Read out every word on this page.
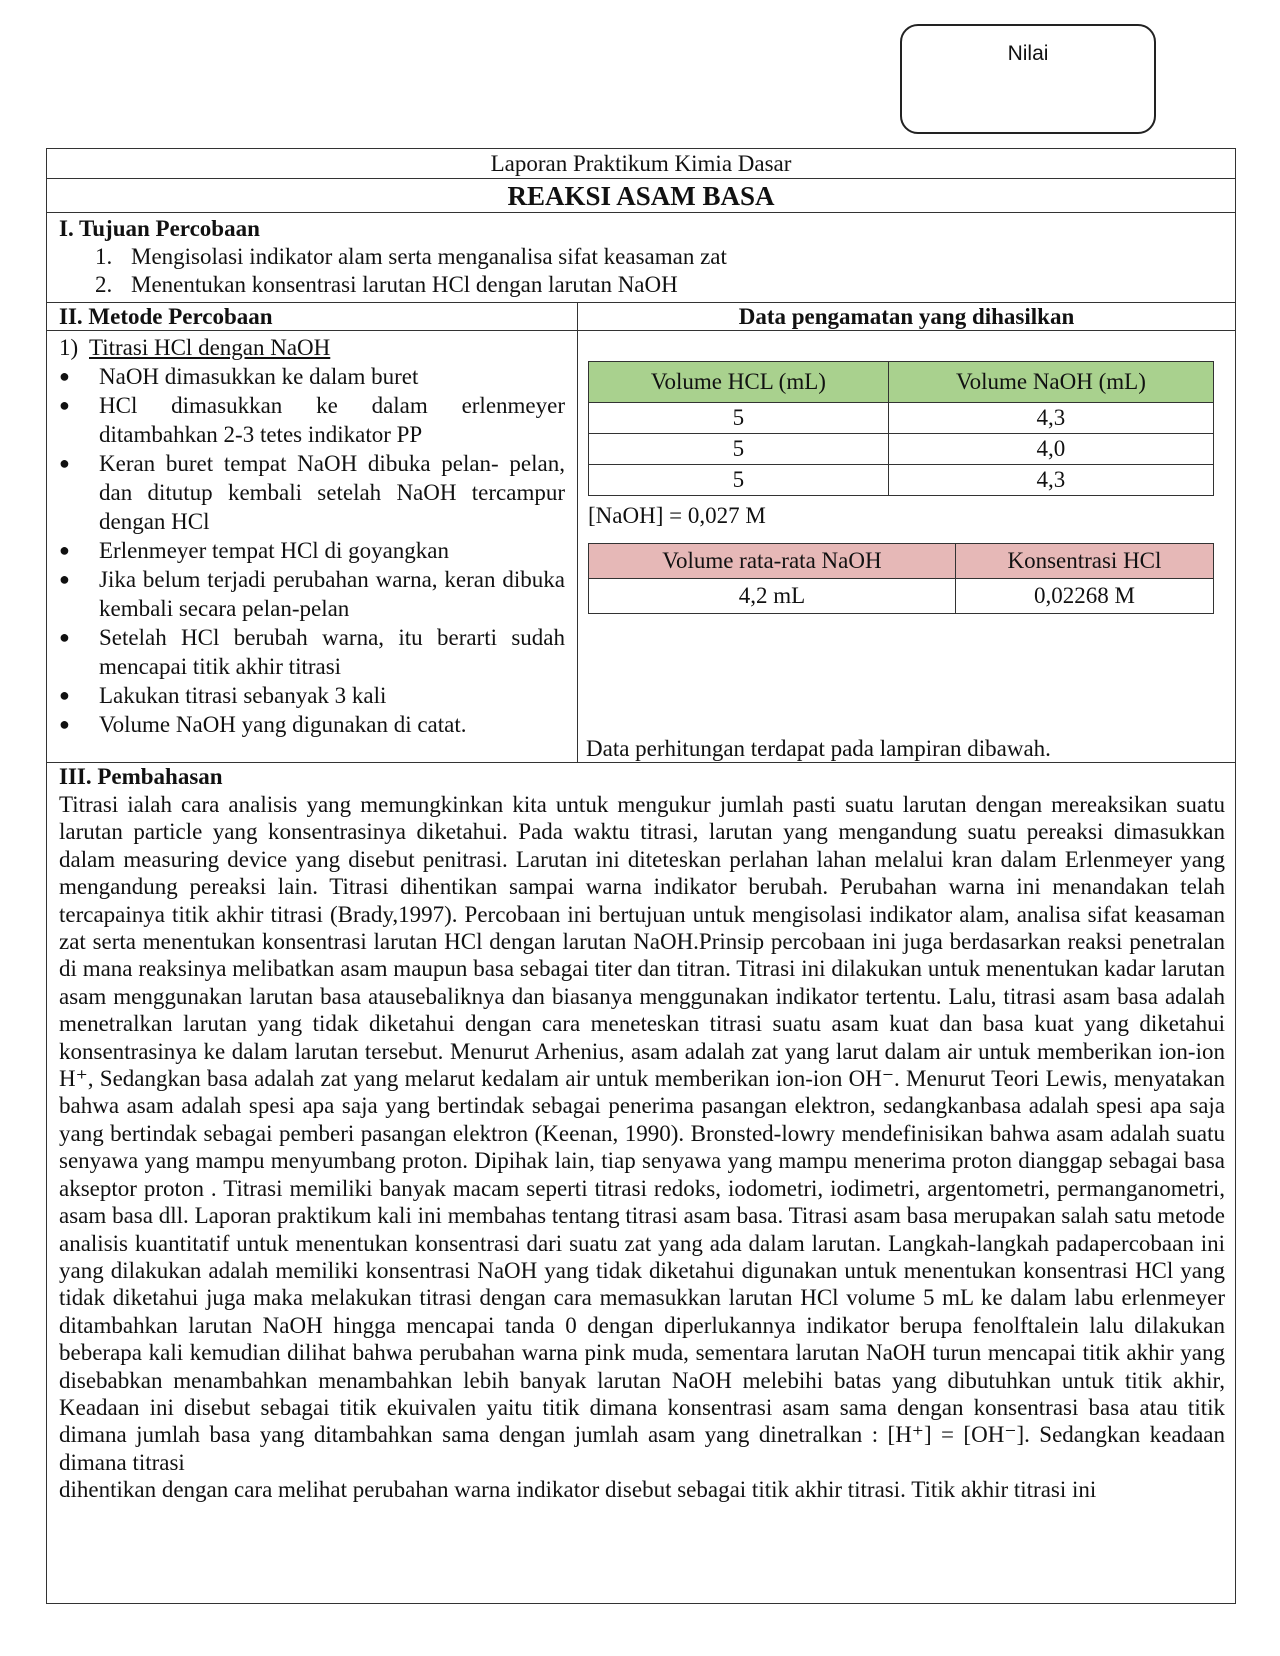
Nilai
Laporan Praktikum Kimia Dasar
REAKSI ASAM BASA
I. Tujuan Percobaan
1. Mengisolasi indikator alam serta menganalisa sifat keasaman zat
2. Menentukan konsentrasi larutan HCl dengan larutan NaOH
II. Metode Percobaan	Data pengamatan yang dihasilkan
1) Titrasi HCl dengan NaOH
●	NaOH dimasukkan ke dalam buret
●	HCl dimasukkan ke dalam erlenmeyer ditambahkan 2-3 tetes indikator PP
●	Keran buret tempat NaOH dibuka pelan- pelan, dan ditutup kembali setelah NaOH tercampur dengan HCl
●	Erlenmeyer tempat HCl di goyangkan
●	Jika belum terjadi perubahan warna, keran dibuka kembali secara pelan-pelan
●	Setelah HCl berubah warna, itu berarti sudah mencapai titik akhir titrasi
●	Lakukan titrasi sebanyak 3 kali
●	Volume NaOH yang digunakan di catat.
Volume HCL (mL)	Volume NaOH (mL)
5	4,3
5	4,0
5	4,3
[NaOH] = 0,027 M
Volume rata-rata NaOH	Konsentrasi HCl
4,2 mL	0,02268 M
Data perhitungan terdapat pada lampiran dibawah.
III. Pembahasan

Titrasi ialah cara analisis yang memungkinkan kita untuk mengukur jumlah pasti suatu larutan dengan mereaksikan suatu larutan particle yang konsentrasinya diketahui. Pada waktu titrasi, larutan yang mengandung suatu pereaksi dimasukkan dalam measuring device yang disebut penitrasi. Larutan ini diteteskan perlahan lahan melalui kran dalam Erlenmeyer yang mengandung pereaksi lain. Titrasi dihentikan sampai warna indikator berubah. Perubahan warna ini menandakan telah tercapainya titik akhir titrasi (Brady,1997). Percobaan ini bertujuan untuk mengisolasi indikator alam, analisa sifat keasaman zat serta menentukan konsentrasi larutan HCl dengan larutan NaOH.Prinsip percobaan ini juga berdasarkan reaksi penetralan di mana reaksinya melibatkan asam maupun basa sebagai titer dan titran. Titrasi ini dilakukan untuk menentukan kadar larutan asam menggunakan larutan basa atausebaliknya dan biasanya menggunakan indikator tertentu. Lalu, titrasi asam basa adalah menetralkan larutan yang tidak diketahui dengan cara meneteskan titrasi suatu asam kuat dan basa kuat yang diketahui konsentrasinya ke dalam larutan tersebut. Menurut Arhenius, asam adalah zat yang larut dalam air untuk memberikan ion-ion H⁺, Sedangkan basa adalah zat yang melarut kedalam air untuk memberikan ion-ion OH⁻. Menurut Teori Lewis, menyatakan bahwa asam adalah spesi apa saja yang bertindak sebagai penerima pasangan elektron, sedangkanbasa adalah spesi apa saja yang bertindak sebagai pemberi pasangan elektron (Keenan, 1990). Bronsted-lowry mendefinisikan bahwa asam adalah suatu senyawa yang mampu menyumbang proton. Dipihak lain, tiap senyawa yang mampu menerima proton dianggap sebagai basa akseptor proton . Titrasi memiliki banyak macam seperti titrasi redoks, iodometri, iodimetri, argentometri, permanganometri, asam basa dll. Laporan praktikum kali ini membahas tentang titrasi asam basa. Titrasi asam basa merupakan salah satu metode analisis kuantitatif untuk menentukan konsentrasi dari suatu zat yang ada dalam larutan. Langkah-langkah padapercobaan ini yang dilakukan adalah memiliki konsentrasi NaOH yang tidak diketahui digunakan untuk menentukan konsentrasi HCl yang tidak diketahui juga maka melakukan titrasi dengan cara memasukkan larutan HCl volume 5 mL ke dalam labu erlenmeyer ditambahkan larutan NaOH hingga mencapai tanda 0 dengan diperlukannya indikator berupa fenolftalein lalu dilakukan beberapa kali kemudian dilihat bahwa perubahan warna pink muda, sementara larutan NaOH turun mencapai titik akhir yang disebabkan menambahkan menambahkan lebih banyak larutan NaOH melebihi batas yang dibutuhkan untuk titik akhir, Keadaan ini disebut sebagai titik ekuivalen yaitu titik dimana konsentrasi asam sama dengan konsentrasi basa atau titik dimana jumlah basa yang ditambahkan sama dengan jumlah asam yang dinetralkan : [H⁺] = [OH⁻]. Sedangkan keadaan dimana titrasi

dihentikan dengan cara melihat perubahan warna indikator disebut sebagai titik akhir titrasi. Titik akhir titrasi ini
